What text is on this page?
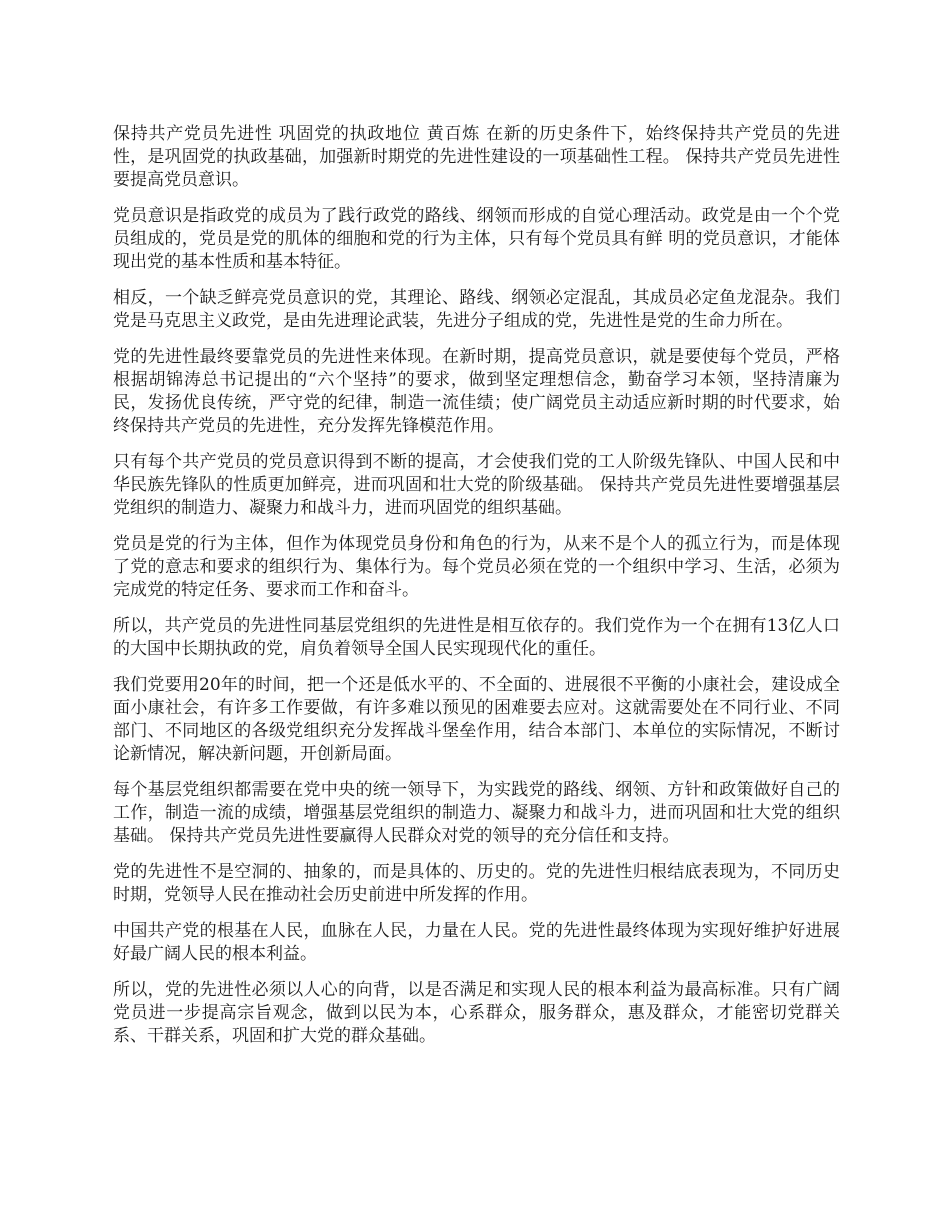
保持共产党员先进性 巩固党的执政地位 黄百炼 在新的历史条件下，始终保持共产党员的先进性，是巩固党的执政基础，加强新时期党的先进性建设的一项基础性工程。 保持共产党员先进性要提高党员意识。

党员意识是指政党的成员为了践行政党的路线、纲领而形成的自觉心理活动。政党是由一个个党员组成的，党员是党的肌体的细胞和党的行为主体，只有每个党员具有鲜 明的党员意识，才能体现出党的基本性质和基本特征。

相反，一个缺乏鲜亮党员意识的党，其理论、路线、纲领必定混乱，其成员必定鱼龙混杂。我们党是马克思主义政党，是由先进理论武装，先进分子组成的党，先进性是党的生命力所在。

党的先进性最终要靠党员的先进性来体现。在新时期，提高党员意识，就是要使每个党员，严格根据胡锦涛总书记提出的“六个坚持”的要求，做到坚定理想信念，勤奋学习本领，坚持清廉为民，发扬优良传统，严守党的纪律，制造一流佳绩；使广阔党员主动适应新时期的时代要求，始终保持共产党员的先进性，充分发挥先锋模范作用。

只有每个共产党员的党员意识得到不断的提高，才会使我们党的工人阶级先锋队、中国人民和中华民族先锋队的性质更加鲜亮，进而巩固和壮大党的阶级基础。 保持共产党员先进性要增强基层党组织的制造力、凝聚力和战斗力，进而巩固党的组织基础。

党员是党的行为主体，但作为体现党员身份和角色的行为，从来不是个人的孤立行为，而是体现了党的意志和要求的组织行为、集体行为。每个党员必须在党的一个组织中学习、生活，必须为完成党的特定任务、要求而工作和奋斗。

所以，共产党员的先进性同基层党组织的先进性是相互依存的。我们党作为一个在拥有13亿人口的大国中长期执政的党，肩负着领导全国人民实现现代化的重任。

我们党要用20年的时间，把一个还是低水平的、不全面的、进展很不平衡的小康社会，建设成全面小康社会，有许多工作要做，有许多难以预见的困难要去应对。这就需要处在不同行业、不同部门、不同地区的各级党组织充分发挥战斗堡垒作用，结合本部门、本单位的实际情况，不断讨论新情况，解决新问题，开创新局面。

每个基层党组织都需要在党中央的统一领导下，为实践党的路线、纲领、方针和政策做好自己的工作，制造一流的成绩，增强基层党组织的制造力、凝聚力和战斗力，进而巩固和壮大党的组织基础。 保持共产党员先进性要赢得人民群众对党的领导的充分信任和支持。

党的先进性不是空洞的、抽象的，而是具体的、历史的。党的先进性归根结底表现为，不同历史时期，党领导人民在推动社会历史前进中所发挥的作用。

中国共产党的根基在人民，血脉在人民，力量在人民。党的先进性最终体现为实现好维护好进展好最广阔人民的根本利益。

所以，党的先进性必须以人心的向背，以是否满足和实现人民的根本利益为最高标准。只有广阔党员进一步提高宗旨观念，做到以民为本，心系群众，服务群众，惠及群众，才能密切党群关系、干群关系，巩固和扩大党的群众基础。
